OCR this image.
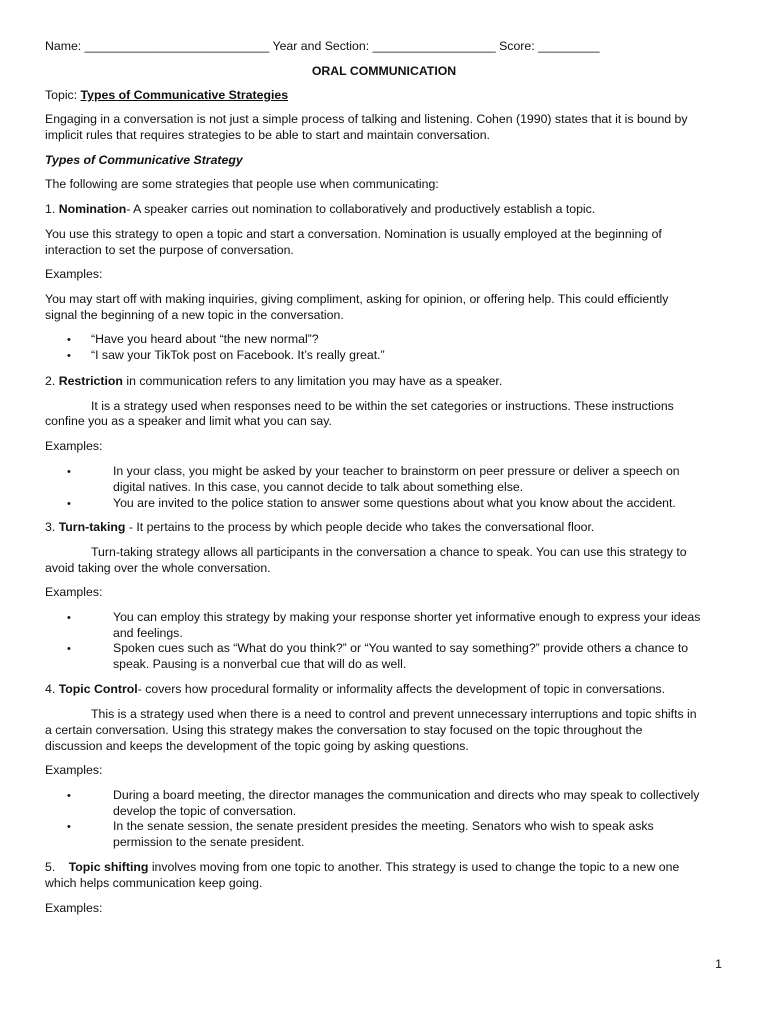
Name: ___________________________ Year and Section: __________________ Score: _________
ORAL COMMUNICATION
Topic: Types of Communicative Strategies
Engaging in a conversation is not just a simple process of talking and listening. Cohen (1990) states that it is bound by
implicit rules that requires strategies to be able to start and maintain conversation.
Types of Communicative Strategy
The following are some strategies that people use when communicating:
1. Nomination- A speaker carries out nomination to collaboratively and productively establish a topic.
You use this strategy to open a topic and start a conversation. Nomination is usually employed at the beginning of
interaction to set the purpose of conversation.
Examples:
You may start off with making inquiries, giving compliment, asking for opinion, or offering help. This could efficiently
signal the beginning of a new topic in the conversation.
• “Have you heard about “the new normal”?
• “I saw your TikTok post on Facebook. It’s really great.”
2. Restriction in communication refers to any limitation you may have as a speaker.
It is a strategy used when responses need to be within the set categories or instructions. These instructions
confine you as a speaker and limit what you can say.
Examples:
•	In your class, you might be asked by your teacher to brainstorm on peer pressure or deliver a speech on
digital natives. In this case, you cannot decide to talk about something else.
•	You are invited to the police station to answer some questions about what you know about the accident.
3. Turn-taking - It pertains to the process by which people decide who takes the conversational floor.
Turn-taking strategy allows all participants in the conversation a chance to speak. You can use this strategy to
avoid taking over the whole conversation.
Examples:
•	You can employ this strategy by making your response shorter yet informative enough to express your ideas
and feelings.
•	Spoken cues such as “What do you think?” or “You wanted to say something?” provide others a chance to
speak. Pausing is a nonverbal cue that will do as well.
4. Topic Control- covers how procedural formality or informality affects the development of topic in conversations.
This is a strategy used when there is a need to control and prevent unnecessary interruptions and topic shifts in
a certain conversation. Using this strategy makes the conversation to stay focused on the topic throughout the
discussion and keeps the development of the topic going by asking questions.
Examples:
•	During a board meeting, the director manages the communication and directs who may speak to collectively
develop the topic of conversation.
•	In the senate session, the senate president presides the meeting. Senators who wish to speak asks
permission to the senate president.
5. Topic shifting involves moving from one topic to another. This strategy is used to change the topic to a new one
which helps communication keep going.
Examples:
1
